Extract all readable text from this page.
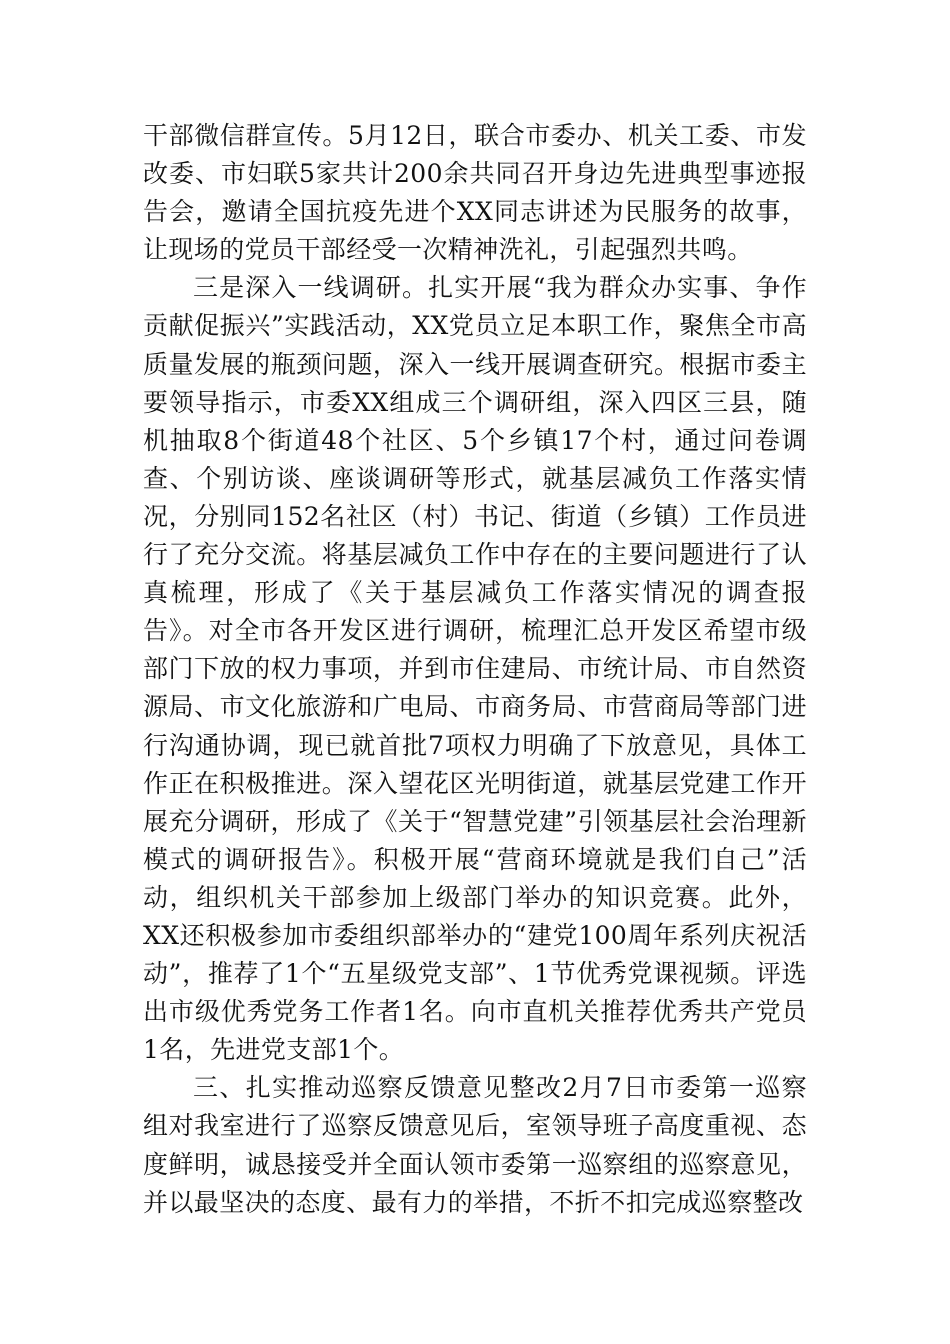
干部微信群宣传。5月12日，联合市委办、机关工委、市发改委、市妇联5家共计200余共同召开身边先进典型事迹报告会，邀请全国抗疫先进个XX同志讲述为民服务的故事，让现场的党员干部经受一次精神洗礼，引起强烈共鸣。

三是深入一线调研。扎实开展“我为群众办实事、争作贡献促振兴”实践活动，XX党员立足本职工作，聚焦全市高质量发展的瓶颈问题，深入一线开展调查研究。根据市委主要领导指示，市委XX组成三个调研组，深入四区三县，随机抽取8个街道48个社区、5个乡镇17个村，通过问卷调查、个别访谈、座谈调研等形式，就基层减负工作落实情况，分别同152名社区（村）书记、街道（乡镇）工作员进行了充分交流。将基层减负工作中存在的主要问题进行了认真梳理，形成了《关于基层减负工作落实情况的调查报告》。对全市各开发区进行调研，梳理汇总开发区希望市级部门下放的权力事项，并到市住建局、市统计局、市自然资源局、市文化旅游和广电局、市商务局、市营商局等部门进行沟通协调，现已就首批7项权力明确了下放意见，具体工作正在积极推进。深入望花区光明街道，就基层党建工作开展充分调研，形成了《关于“智慧党建”引领基层社会治理新模式的调研报告》。积极开展“营商环境就是我们自己”活动，组织机关干部参加上级部门举办的知识竞赛。此外，XX还积极参加市委组织部举办的“建党100周年系列庆祝活动”，推荐了1个“五星级党支部”、1节优秀党课视频。评选出市级优秀党务工作者1名。向市直机关推荐优秀共产党员1名，先进党支部1个。

三、扎实推动巡察反馈意见整改2月7日市委第一巡察组对我室进行了巡察反馈意见后，室领导班子高度重视、态度鲜明，诚恳接受并全面认领市委第一巡察组的巡察意见，并以最坚决的态度、最有力的举措，不折不扣完成巡察整改
